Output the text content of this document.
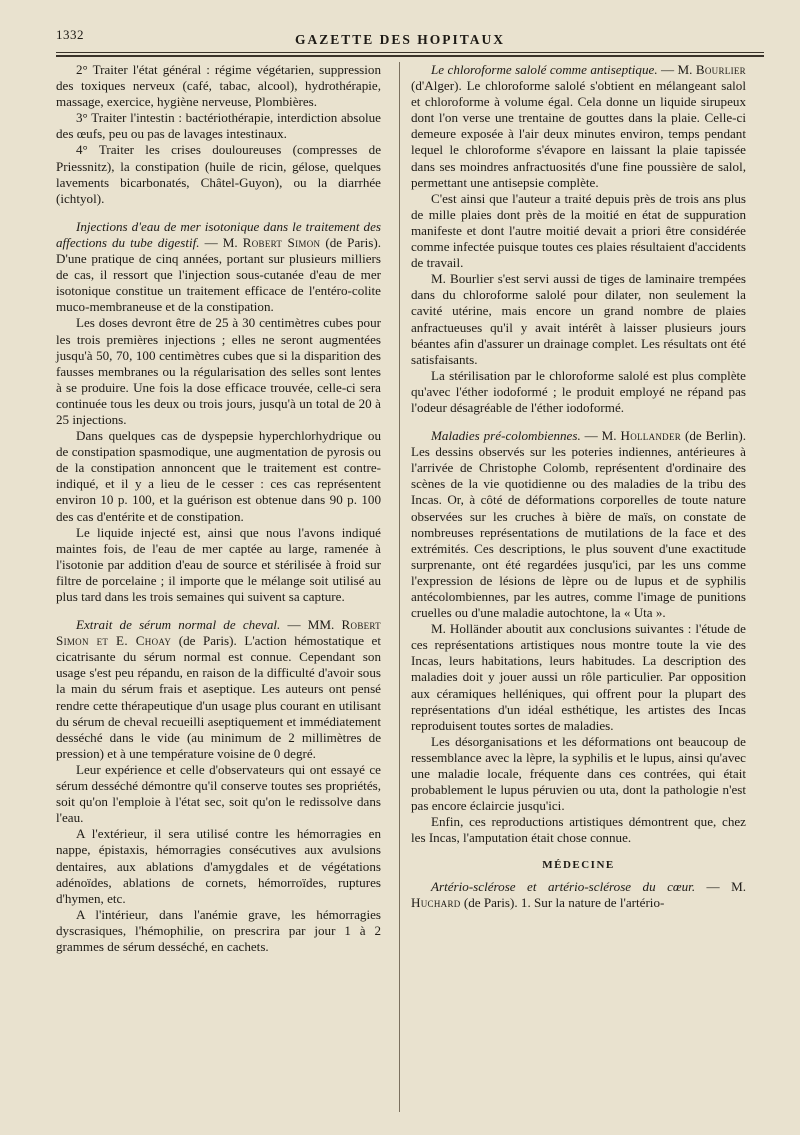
1332	GAZETTE DES HOPITAUX

2° Traiter l'état général : régime végétarien, suppression des toxiques nerveux (café, tabac, alcool), hydrothérapie, massage, exercice, hygiène nerveuse, Plombières.

3° Traiter l'intestin : bactériothérapie, interdiction absolue des œufs, peu ou pas de lavages intestinaux.

4° Traiter les crises douloureuses (compresses de Priessnitz), la constipation (huile de ricin, gélose, quelques lavements bicarbonatés, Châtel-Guyon), ou la diarrhée (ichtyol).

Injections d'eau de mer isotonique dans le traitement des affections du tube digestif. — M. Robert Simon (de Paris). D'une pratique de cinq années, portant sur plusieurs milliers de cas, il ressort que l'injection sous-cutanée d'eau de mer isotonique constitue un traitement efficace de l'entéro-colite muco-membraneuse et de la constipation.

Les doses devront être de 25 à 30 centimètres cubes pour les trois premières injections ; elles ne seront augmentées jusqu'à 50, 70, 100 centimètres cubes que si la disparition des fausses membranes ou la régularisation des selles sont lentes à se produire. Une fois la dose efficace trouvée, celle-ci sera continuée tous les deux ou trois jours, jusqu'à un total de 20 à 25 injections.

Dans quelques cas de dyspepsie hyperchlorhydrique ou de constipation spasmodique, une augmentation de pyrosis ou de la constipation annoncent que le traitement est contre-indiqué, et il y a lieu de le cesser : ces cas représentent environ 10 p. 100, et la guérison est obtenue dans 90 p. 100 des cas d'entérite et de constipation.

Le liquide injecté est, ainsi que nous l'avons indiqué maintes fois, de l'eau de mer captée au large, ramenée à l'isotonie par addition d'eau de source et stérilisée à froid sur filtre de porcelaine ; il importe que le mélange soit utilisé au plus tard dans les trois semaines qui suivent sa capture.

Extrait de sérum normal de cheval. — MM. Robert Simon et E. Choay (de Paris). L'action hémostatique et cicatrisante du sérum normal est connue. Cependant son usage s'est peu répandu, en raison de la difficulté d'avoir sous la main du sérum frais et aseptique. Les auteurs ont pensé rendre cette thérapeutique d'un usage plus courant en utilisant du sérum de cheval recueilli aseptiquement et immédiatement desséché dans le vide (au minimum de 2 millimètres de pression) et à une température voisine de 0 degré.

Leur expérience et celle d'observateurs qui ont essayé ce sérum desséché démontre qu'il conserve toutes ses propriétés, soit qu'on l'emploie à l'état sec, soit qu'on le redissolve dans l'eau.

A l'extérieur, il sera utilisé contre les hémorragies en nappe, épistaxis, hémorragies consécutives aux avulsions dentaires, aux ablations d'amygdales et de végétations adénoïdes, ablations de cornets, hémorroïdes, ruptures d'hymen, etc.

A l'intérieur, dans l'anémie grave, les hémorragies dyscrasiques, l'hémophilie, on prescrira par jour 1 à 2 grammes de sérum desséché, en cachets.

Le chloroforme salolé comme antiseptique. — M. Bourlier (d'Alger). Le chloroforme salolé s'obtient en mélangeant salol et chloroforme à volume égal. Cela donne un liquide sirupeux dont l'on verse une trentaine de gouttes dans la plaie. Celle-ci demeure exposée à l'air deux minutes environ, temps pendant lequel le chloroforme s'évapore en laissant la plaie tapissée dans ses moindres anfractuosités d'une fine poussière de salol, permettant une antisepsie complète.

C'est ainsi que l'auteur a traité depuis près de trois ans plus de mille plaies dont près de la moitié en état de suppuration manifeste et dont l'autre moitié devait a priori être considérée comme infectée puisque toutes ces plaies résultaient d'accidents de travail.

M. Bourlier s'est servi aussi de tiges de laminaire trempées dans du chloroforme salolé pour dilater, non seulement la cavité utérine, mais encore un grand nombre de plaies anfractueuses qu'il y avait intérêt à laisser plusieurs jours béantes afin d'assurer un drainage complet. Les résultats ont été satisfaisants.

La stérilisation par le chloroforme salolé est plus complète qu'avec l'éther iodoformé ; le produit employé ne répand pas l'odeur désagréable de l'éther iodoformé.

Maladies pré-colombiennes. — M. Hollander (de Berlin). Les dessins observés sur les poteries indiennes, antérieures à l'arrivée de Christophe Colomb, représentent d'ordinaire des scènes de la vie quotidienne ou des maladies de la tribu des Incas. Or, à côté de déformations corporelles de toute nature observées sur les cruches à bière de maïs, on constate de nombreuses représentations de mutilations de la face et des extrémités. Ces descriptions, le plus souvent d'une exactitude surprenante, ont été regardées jusqu'ici, par les uns comme l'expression de lésions de lèpre ou de lupus et de syphilis antécolombiennes, par les autres, comme l'image de punitions cruelles ou d'une maladie autochtone, la « Uta ».

M. Holländer aboutit aux conclusions suivantes : l'étude de ces représentations artistiques nous montre toute la vie des Incas, leurs habitations, leurs habitudes. La description des maladies doit y jouer aussi un rôle particulier. Par opposition aux céramiques helléniques, qui offrent pour la plupart des représentations d'un idéal esthétique, les artistes des Incas reproduisent toutes sortes de maladies.

Les désorganisations et les déformations ont beaucoup de ressemblance avec la lèpre, la syphilis et le lupus, ainsi qu'avec une maladie locale, fréquente dans ces contrées, qui était probablement le lupus péruvien ou uta, dont la pathologie n'est pas encore éclaircie jusqu'ici.

Enfin, ces reproductions artistiques démontrent que, chez les Incas, l'amputation était chose connue.

MÉDECINE

Artério-sclérose et artério-sclérose du cœur. — M. Huchard (de Paris). 1. Sur la nature de l'artério-
